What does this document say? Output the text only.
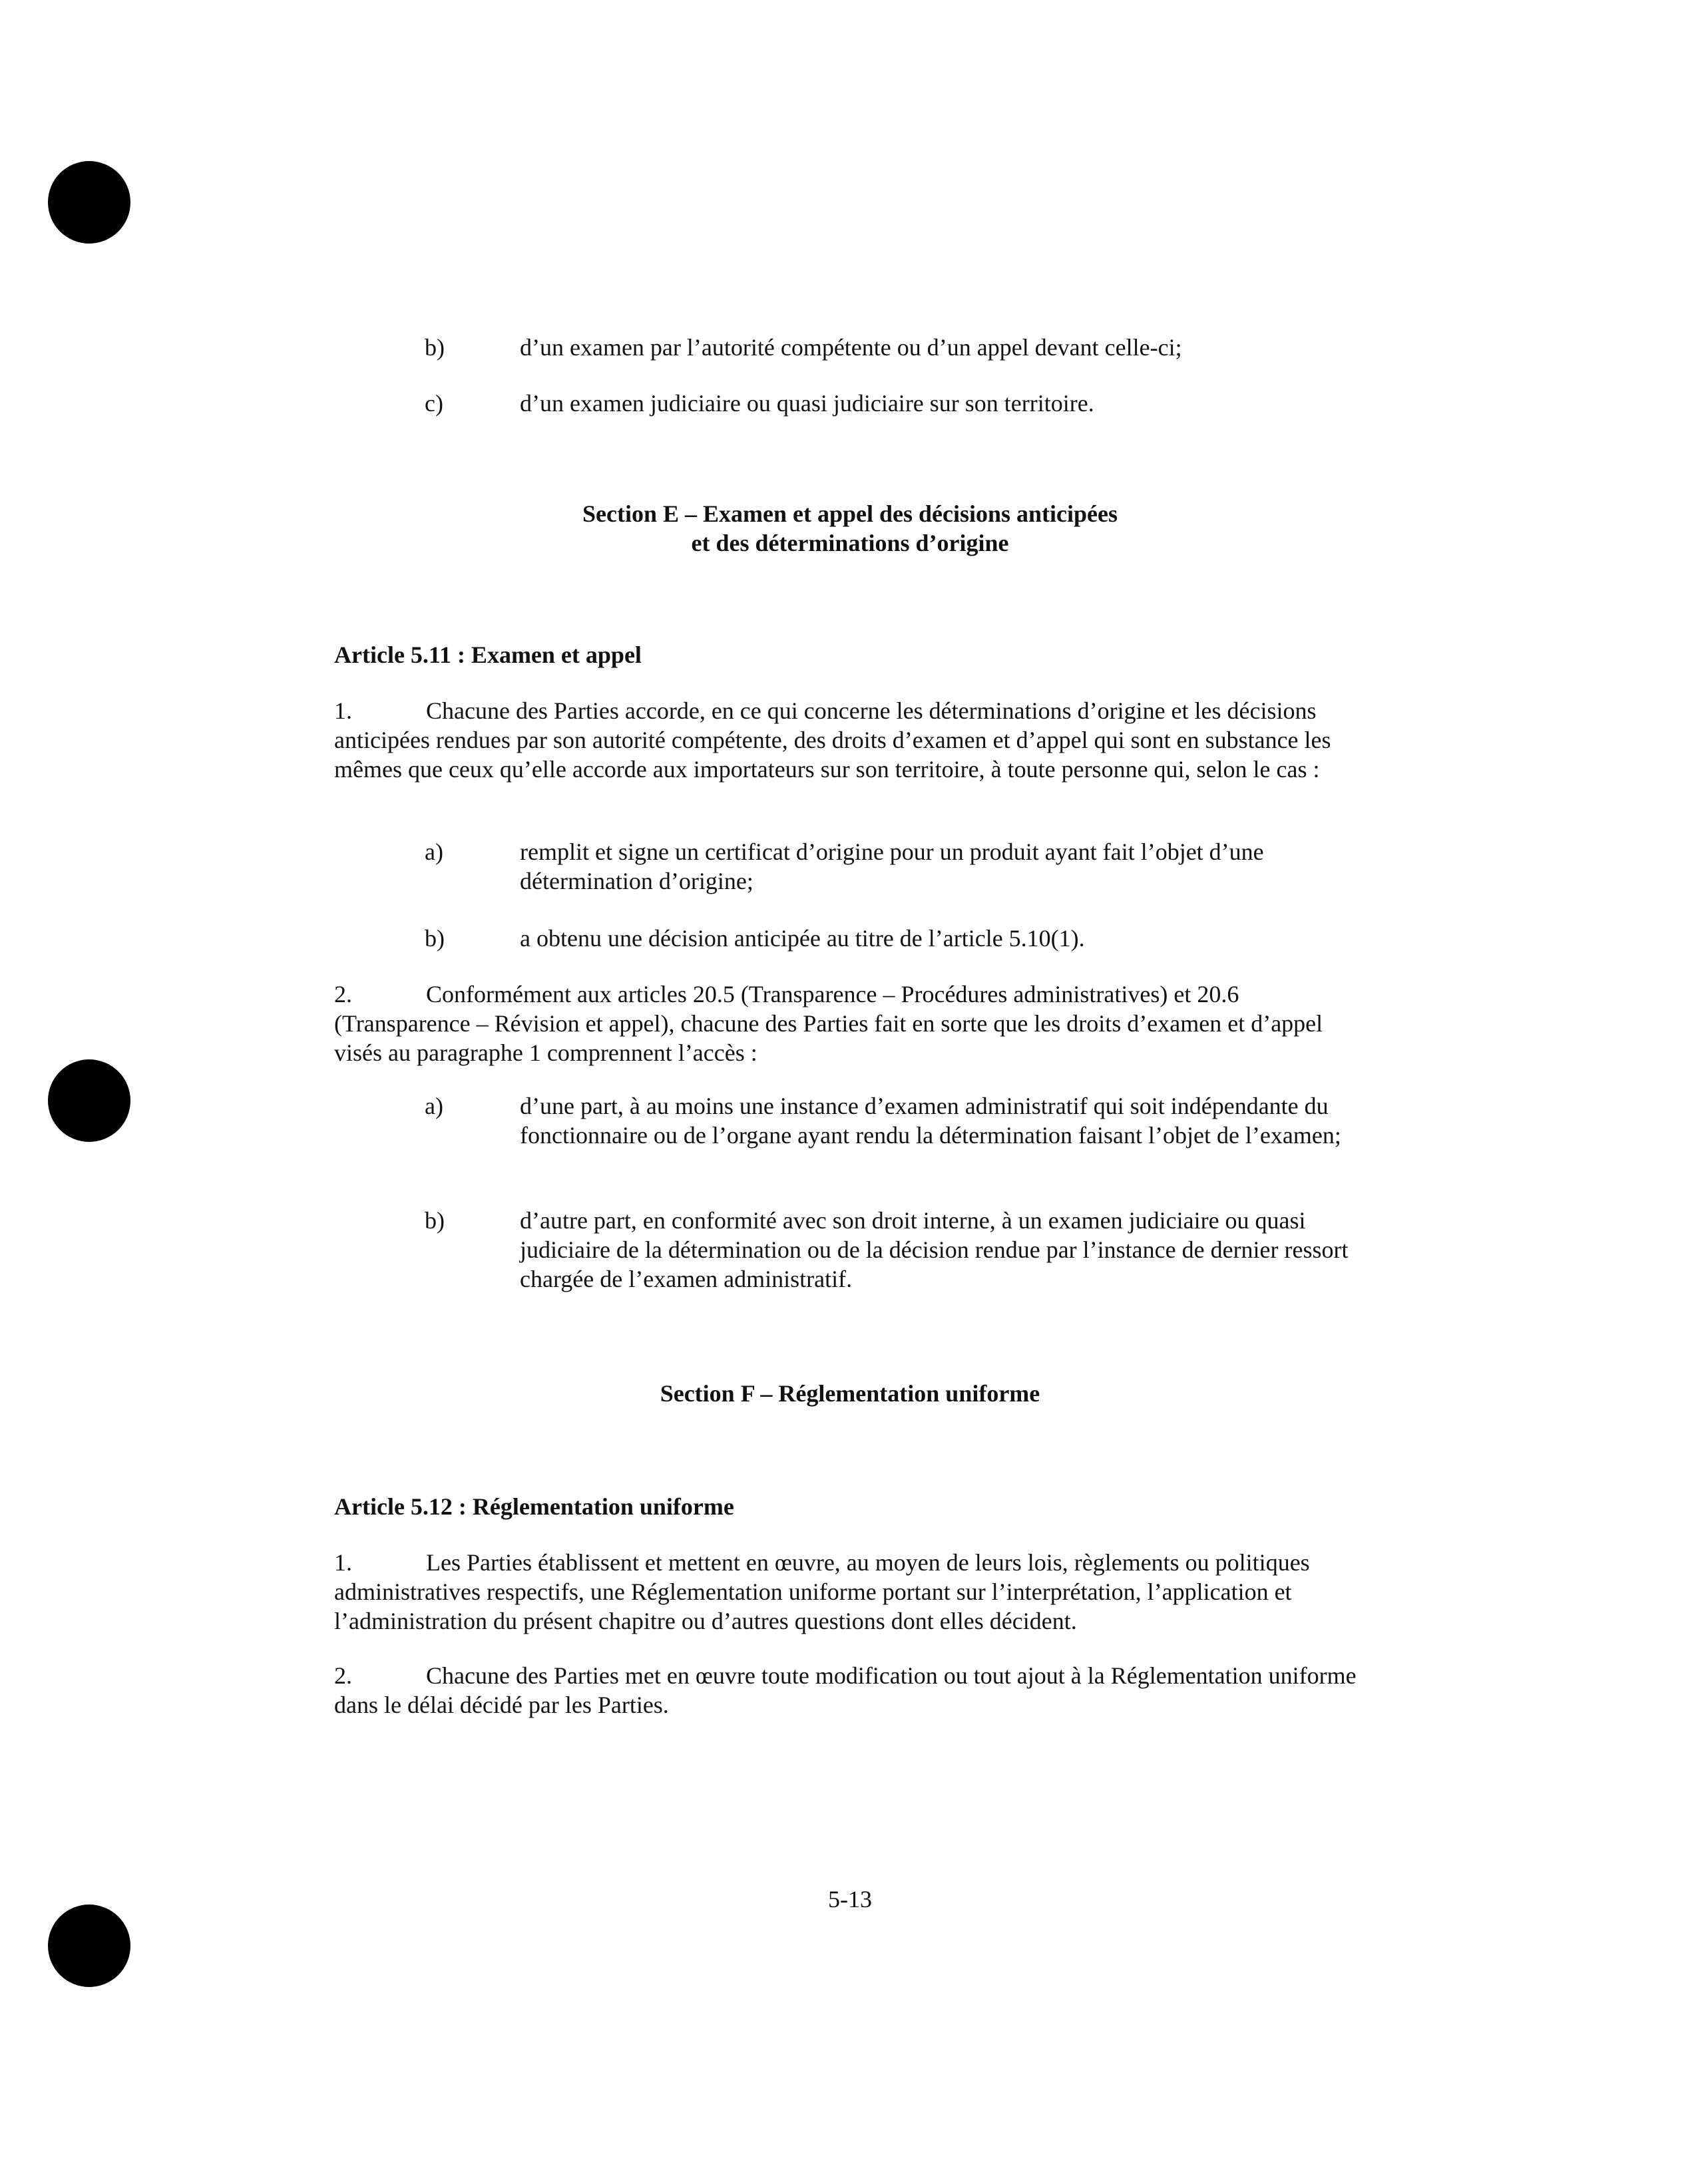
b)	d’un examen par l’autorité compétente ou d’un appel devant celle-ci;
c)	d’un examen judiciaire ou quasi judiciaire sur son territoire.
Section E – Examen et appel des décisions anticipées
et des déterminations d’origine
Article 5.11 : Examen et appel

1.	Chacune des Parties accorde, en ce qui concerne les déterminations d’origine et les décisions anticipées rendues par son autorité compétente, des droits d’examen et d’appel qui sont en substance les mêmes que ceux qu’elle accorde aux importateurs sur son territoire, à toute personne qui, selon le cas :

a)	remplit et signe un certificat d’origine pour un produit ayant fait l’objet d’une détermination d’origine;
b)	a obtenu une décision anticipée au titre de l’article 5.10(1).

2.	Conformément aux articles 20.5 (Transparence – Procédures administratives) et 20.6 (Transparence – Révision et appel), chacune des Parties fait en sorte que les droits d’examen et d’appel visés au paragraphe 1 comprennent l’accès :

a)	d’une part, à au moins une instance d’examen administratif qui soit indépendante du fonctionnaire ou de l’organe ayant rendu la détermination faisant l’objet de l’examen;
b)	d’autre part, en conformité avec son droit interne, à un examen judiciaire ou quasi judiciaire de la détermination ou de la décision rendue par l’instance de dernier ressort chargée de l’examen administratif.
Section F – Réglementation uniforme
Article 5.12 : Réglementation uniforme

1.	Les Parties établissent et mettent en œuvre, au moyen de leurs lois, règlements ou politiques administratives respectifs, une Réglementation uniforme portant sur l’interprétation, l’application et l’administration du présent chapitre ou d’autres questions dont elles décident.

2.	Chacune des Parties met en œuvre toute modification ou tout ajout à la Réglementation uniforme dans le délai décidé par les Parties.

5-13
